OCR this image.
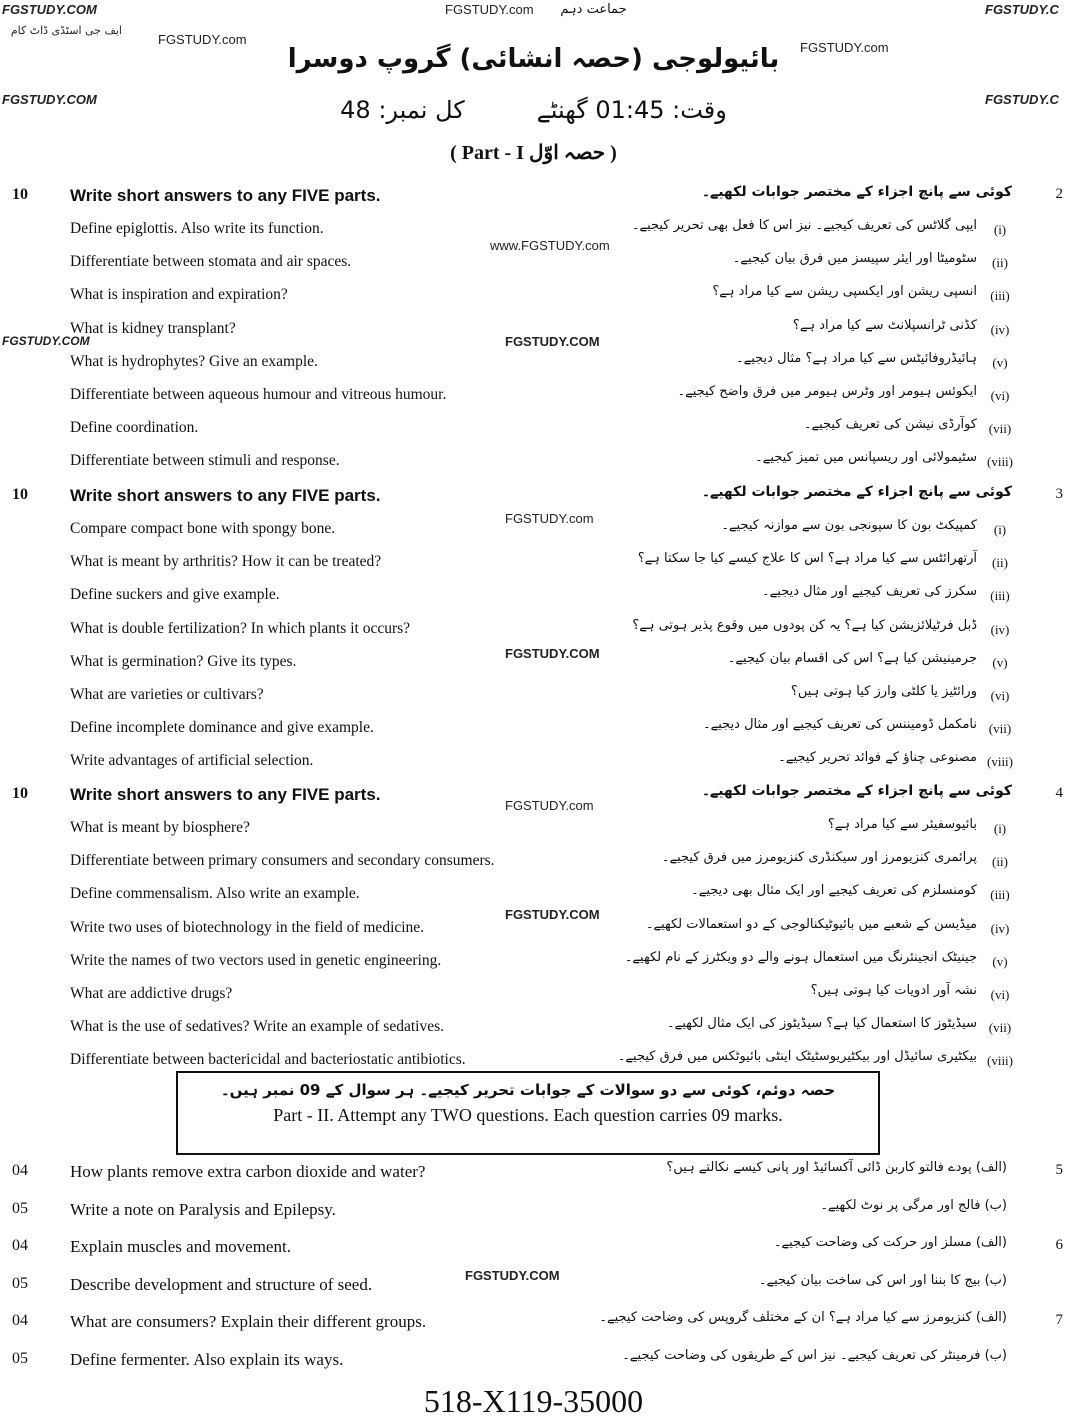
FGSTUDY.COM	FGSTUDY.com	FGSTUDY.C
ایف جی اسٹڈی ڈاٹ کام
FGSTUDY.com
FGSTUDY.com
FGSTUDY.COM	FGSTUDY.C
www.FGSTUDY.com
FGSTUDY.COM	FGSTUDY.COM
FGSTUDY.COM
FGSTUDY.com
FGSTUDY.COM
FGSTUDY.com
FGSTUDY.COM
جماعت دہم
بائیولوجی (حصہ انشائی) گروپ دوسرا
وقت: 01:45 گھنٹے  کل نمبر: 48
( Part - I حصہ اوّل )
10 Write short answers to any FIVE parts.	کوئی سے پانچ اجزاء کے مختصر جوابات لکھیے۔	2
Define epiglottis. Also write its function.	ایپی گلاٹس کی تعریف کیجیے۔ نیز اس کا فعل بھی تحریر کیجیے۔	(i)
Differentiate between stomata and air spaces.	سٹومیٹا اور ایئر سپیسز میں فرق بیان کیجیے۔	(ii)
What is inspiration and expiration?	انسپی ریشن اور ایکسپی ریشن سے کیا مراد ہے؟	(iii)
What is kidney transplant?	کڈنی ٹرانسپلانٹ سے کیا مراد ہے؟	(iv)
What is hydrophytes? Give an example.	ہائیڈروفائیٹس سے کیا مراد ہے؟ مثال دیجیے۔	(v)
Differentiate between aqueous humour and vitreous humour.	ایکوئس ہیومر اور وٹرس ہیومر میں فرق واضح کیجیے۔	(vi)
Define coordination.	کوآرڈی نیشن کی تعریف کیجیے۔ (vii)
Differentiate between stimuli and response.	سٹیمولائی اور ریسپانس میں تمیز کیجیے۔ (viii)
10 Write short answers to any FIVE parts.	کوئی سے پانچ اجزاء کے مختصر جوابات لکھیے۔	3
Compare compact bone with spongy bone.	کمپیکٹ بون کا سپونجی بون سے موازنہ کیجیے۔	(i)
What is meant by arthritis? How it can be treated?	آرتھرائٹس سے کیا مراد ہے؟ اس کا علاج کیسے کیا جا سکتا ہے؟	(ii)
Define suckers and give example.	سکرز کی تعریف کیجیے اور مثال دیجیے۔	(iii)
What is double fertilization? In which plants it occurs?	ڈبل فرٹیلائزیشن کیا ہے؟ یہ کن پودوں میں وقوع پذیر ہوتی ہے؟	(iv)
What is germination? Give its types.	جرمینیشن کیا ہے؟ اس کی اقسام بیان کیجیے۔	(v)
What are varieties or cultivars?	ورائٹیز یا کلٹی وارز کیا ہوتی ہیں؟	(vi)
Define incomplete dominance and give example.	نامکمل ڈومیننس کی تعریف کیجیے اور مثال دیجیے۔ (vii)
Write advantages of artificial selection.	مصنوعی چناؤ کے فوائد تحریر کیجیے۔ (viii)
10 Write short answers to any FIVE parts.	کوئی سے پانچ اجزاء کے مختصر جوابات لکھیے۔	4
What is meant by biosphere?	بائیوسفیئر سے کیا مراد ہے؟	(i)
Differentiate between primary consumers and secondary consumers.	پرائمری کنزیومرز اور سیکنڈری کنزیومرز میں فرق کیجیے۔	(ii)
Define commensalism. Also write an example.	کومنسلزم کی تعریف کیجیے اور ایک مثال بھی دیجیے۔	(iii)
Write two uses of biotechnology in the field of medicine.	میڈیسن کے شعبے میں بائیوٹیکنالوجی کے دو استعمالات لکھیے۔	(iv)
Write the names of two vectors used in genetic engineering.	جینیٹک انجینئرنگ میں استعمال ہونے والے دو ویکٹرز کے نام لکھیے۔	(v)
What are addictive drugs?	نشہ آور ادویات کیا ہوتی ہیں؟	(vi)
What is the use of sedatives? Write an example of sedatives.	سیڈیٹوز کا استعمال کیا ہے؟ سیڈیٹوز کی ایک مثال لکھیے۔ (vii)
Differentiate between bactericidal and bacteriostatic antibiotics.	بیکٹیری سائیڈل اور بیکٹیریوسٹیٹک اینٹی بائیوٹکس میں فرق کیجیے۔ (viii)
04 How plants remove extra carbon dioxide and water?	(الف) پودے فالتو کاربن ڈائی آکسائیڈ اور پانی کیسے نکالتے ہیں؟	5
05 Write a note on Paralysis and Epilepsy.	(ب) فالج اور مرگی پر نوٹ لکھیے۔
04 Explain muscles and movement.	(الف) مسلز اور حرکت کی وضاحت کیجیے۔	6
05 Describe development and structure of seed.	(ب) بیج کا بننا اور اس کی ساخت بیان کیجیے۔
04 What are consumers? Explain their different groups.	(الف) کنزیومرز سے کیا مراد ہے؟ ان کے مختلف گروپس کی وضاحت کیجیے۔	7
05 Define fermenter. Also explain its ways.	(ب) فرمینٹر کی تعریف کیجیے۔ نیز اس کے طریقوں کی وضاحت کیجیے۔
حصہ دوئم، کوئی سے دو سوالات کے جوابات تحریر کیجیے۔ ہر سوال کے 09 نمبر ہیں۔
Part - II. Attempt any TWO questions. Each question carries 09 marks.
518-X119-35000
